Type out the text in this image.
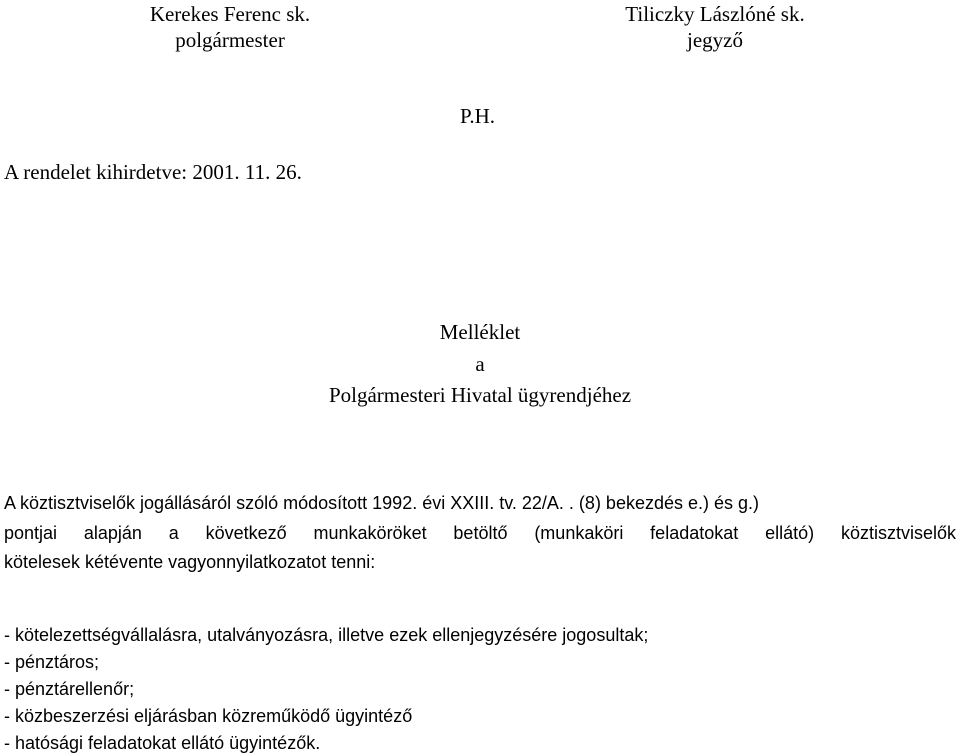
Kerekes Ferenc sk.
polgármester
Tiliczky Lászlóné sk.
jegyző
P.H.
A rendelet kihirdetve: 2001. 11. 26.
Melléklet
a
Polgármesteri Hivatal ügyrendjéhez
A köztisztviselők jogállásáról szóló módosított 1992. évi XXIII. tv. 22/A. . (8) bekezdés e.) és g.)
pontjai alapján a következő munkaköröket betöltő (munkaköri feladatokat ellátó) köztisztviselők
kötelesek kétévente vagyonnyilatkozatot tenni:
- kötelezettségvállalásra, utalványozásra, illetve ezek ellenjegyzésére jogosultak;
- pénztáros;
- pénztárellenőr;
- közbeszerzési eljárásban közreműködő ügyintéző
- hatósági feladatokat ellátó ügyintézők.
